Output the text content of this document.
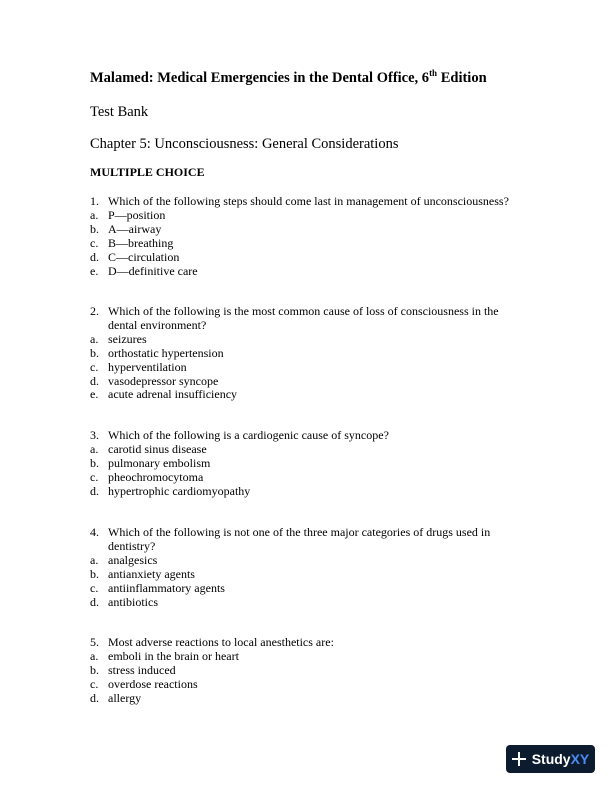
Malamed: Medical Emergencies in the Dental Office, 6th Edition
Test Bank
Chapter 5: Unconsciousness: General Considerations
MULTIPLE CHOICE
1. Which of the following steps should come last in management of unconsciousness?
a. P—position
b. A—airway
c. B—breathing
d. C—circulation
e. D—definitive care
2. Which of the following is the most common cause of loss of consciousness in the dental environment?
a. seizures
b. orthostatic hypertension
c. hyperventilation
d. vasodepressor syncope
e. acute adrenal insufficiency
3. Which of the following is a cardiogenic cause of syncope?
a. carotid sinus disease
b. pulmonary embolism
c. pheochromocytoma
d. hypertrophic cardiomyopathy
4. Which of the following is not one of the three major categories of drugs used in dentistry?
a. analgesics
b. antianxiety agents
c. antiinflammatory agents
d. antibiotics
5. Most adverse reactions to local anesthetics are:
a. emboli in the brain or heart
b. stress induced
c. overdose reactions
d. allergy
StudyXY
